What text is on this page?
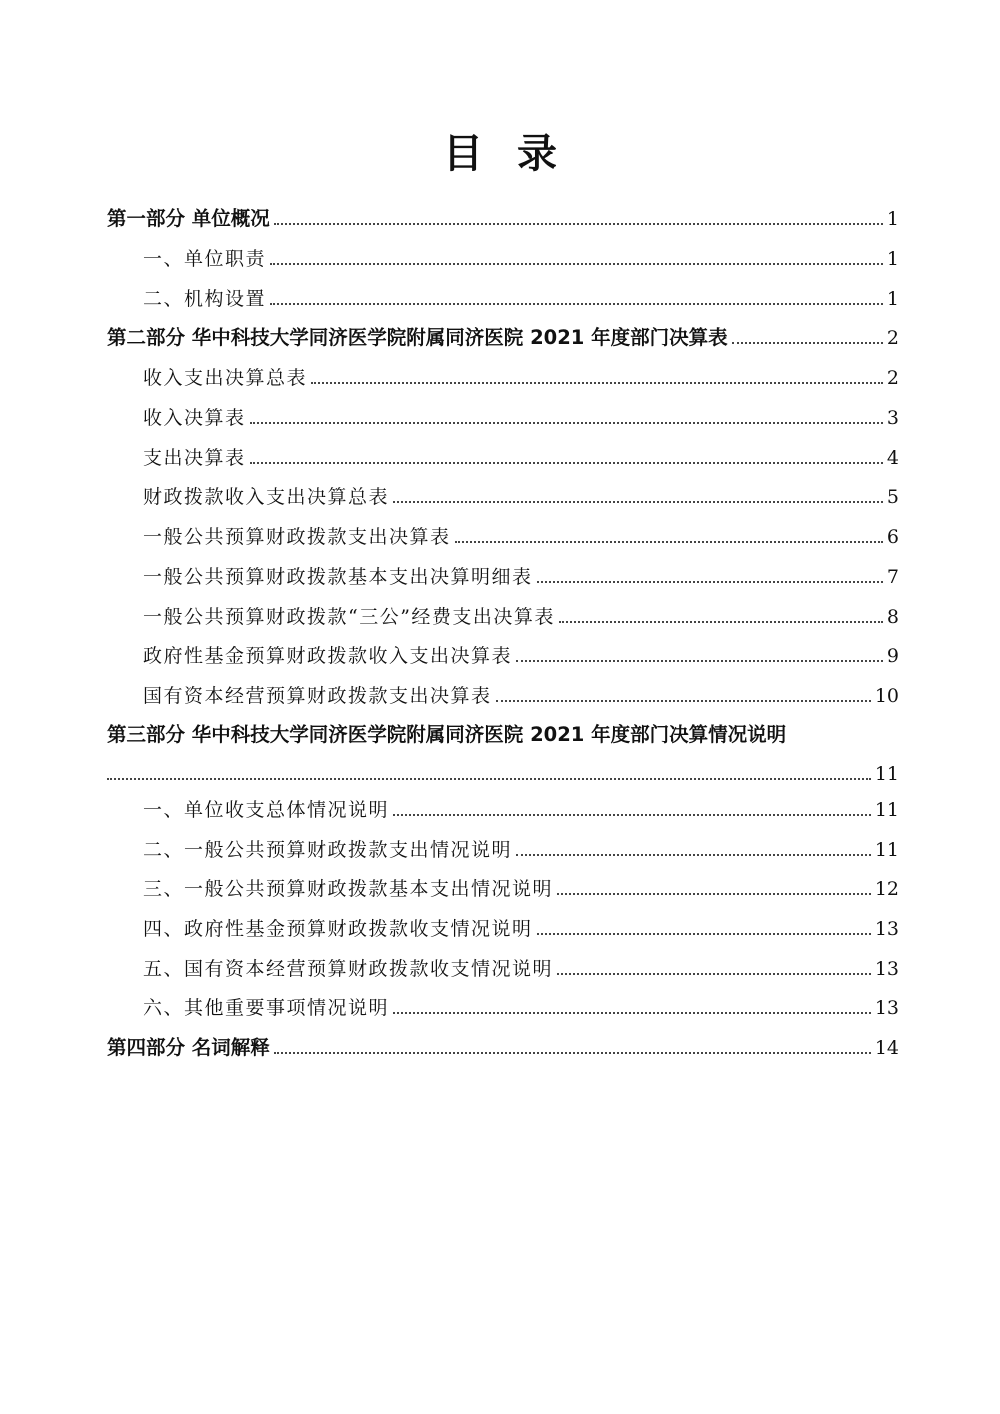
目录
第一部分 单位概况	1
一、单位职责	1
二、机构设置	1
第二部分 华中科技大学同济医学院附属同济医院 2021 年度部门决算表	2
收入支出决算总表	2
收入决算表	3
支出决算表	4
财政拨款收入支出决算总表	5
一般公共预算财政拨款支出决算表	6
一般公共预算财政拨款基本支出决算明细表	7
一般公共预算财政拨款“三公”经费支出决算表	8
政府性基金预算财政拨款收入支出决算表	9
国有资本经营预算财政拨款支出决算表	10
第三部分 华中科技大学同济医学院附属同济医院 2021 年度部门决算情况说明
11
一、单位收支总体情况说明	11
二、一般公共预算财政拨款支出情况说明	11
三、一般公共预算财政拨款基本支出情况说明	12
四、政府性基金预算财政拨款收支情况说明	13
五、国有资本经营预算财政拨款收支情况说明	13
六、其他重要事项情况说明	13
第四部分 名词解释	14
